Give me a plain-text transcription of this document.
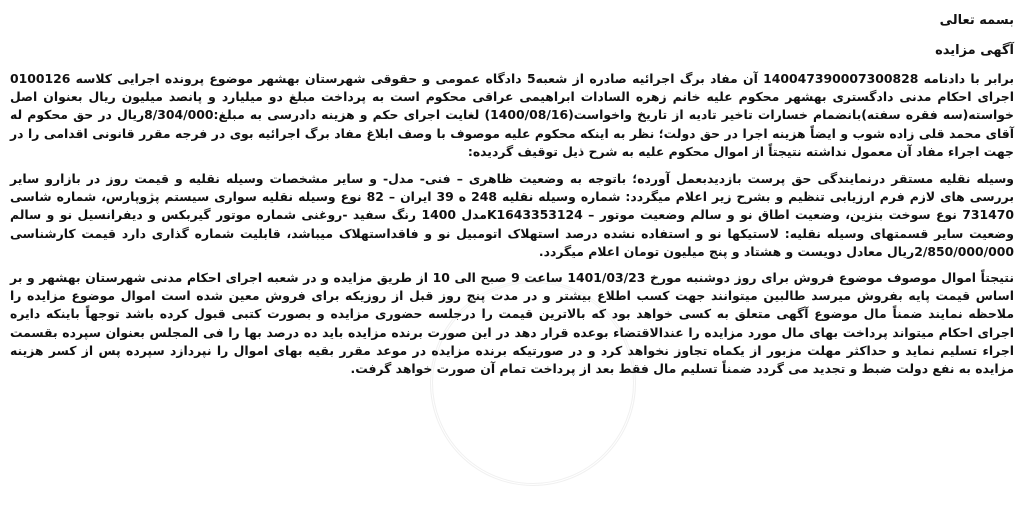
بسمه تعالی
آگهی مزایده

برابر با دادنامه 140047390007300828 آن مفاد برگ اجرائیه صادره از شعبه5 دادگاه عمومی و حقوقی شهرستان بهشهر موضوع پرونده اجرایی کلاسه 0100126 اجرای احکام مدنی دادگستری بهشهر محکوم علیه خانم زهره السادات ابراهیمی عراقی محکوم است به پرداخت مبلغ دو میلیارد و پانصد میلیون ریال بعنوان اصل خواسته(سه فقره سفته)بانضمام خسارات تاخیر تادیه از تاریخ واخواست(1400/08/16) لغایت اجرای حکم و هزینه دادرسی به مبلغ:8/304/000ریال در حق محکوم له آقای محمد قلی زاده شوب و ایضاً هزینه اجرا در حق دولت؛ نظر به اینکه محکوم علیه موصوف با وصف ابلاغ مفاد برگ اجرائیه بوی در فرجه مقرر قانونی اقدامی را در جهت اجراء مفاد آن معمول نداشته نتیجتاً از اموال محکوم علیه به شرح ذیل توقیف گردیده:

وسیله نقلیه مستقر درنمایندگی حق پرست بازدیدبعمل آورده؛ باتوجه به وضعیت ظاهری – فنی- مدل- و سایر مشخصات وسیله نقلیه و قیمت روز در بازارو سایر بررسی های لازم فرم ارزیابی تنظیم و بشرح زیر اعلام میگردد: شماره وسیله نقلیه 248 ه 39 ایران – 82 نوع وسیله نقلیه سواری سیستم پژوپارس، شماره شاسی 731470 نوع سوخت بنزین، وضعیت اطاق نو و سالم وضعیت موتور – K1643353124مدل 1400 رنگ سفید -روغنی شماره موتور گیربکس و دیفرانسیل نو و سالم وضعیت سایر قسمتهای وسیله نقلیه: لاستیکها نو و استفاده نشده درصد استهلاک اتومبیل نو و فاقداستهلاک میباشد، قابلیت شماره گذاری دارد قیمت کارشناسی 2/850/000/000ریال معادل دویست و هشتاد و پنج میلیون تومان اعلام میگردد.

نتیجتاً اموال موصوف موضوع فروش برای روز دوشنبه مورخ 1401/03/23 ساعت 9 صبح الی 10 از طریق مزایده و در شعبه اجرای احکام مدنی شهرستان بهشهر و بر اساس قیمت پایه بفروش میرسد طالبین میتوانند جهت کسب اطلاع بیشتر و در مدت پنج روز قبل از روزیکه برای فروش معین شده است اموال موضوع مزایده را ملاحظه نمایند ضمناً مال موضوع آگهی متعلق به کسی خواهد بود که بالاترین قیمت را درجلسه حضوری مزایده و بصورت کتبی قبول کرده باشد توجهاً باینکه دایره اجرای احکام میتواند پرداخت بهای مال مورد مزایده را عندالاقتضاء بوعده قرار دهد در این صورت برنده مزایده باید ده درصد بها را فی المجلس بعنوان سپرده بقسمت اجراء تسلیم نماید و حداکثر مهلت مزبور از یکماه تجاوز نخواهد کرد و در صورتیکه برنده مزایده در موعد مقرر بقیه بهای اموال را نپردازد سپرده پس از کسر هزینه مزایده به نفع دولت ضبط و تجدید می گردد ضمناً تسلیم مال فقط بعد از پرداخت تمام آن صورت خواهد گرفت.
